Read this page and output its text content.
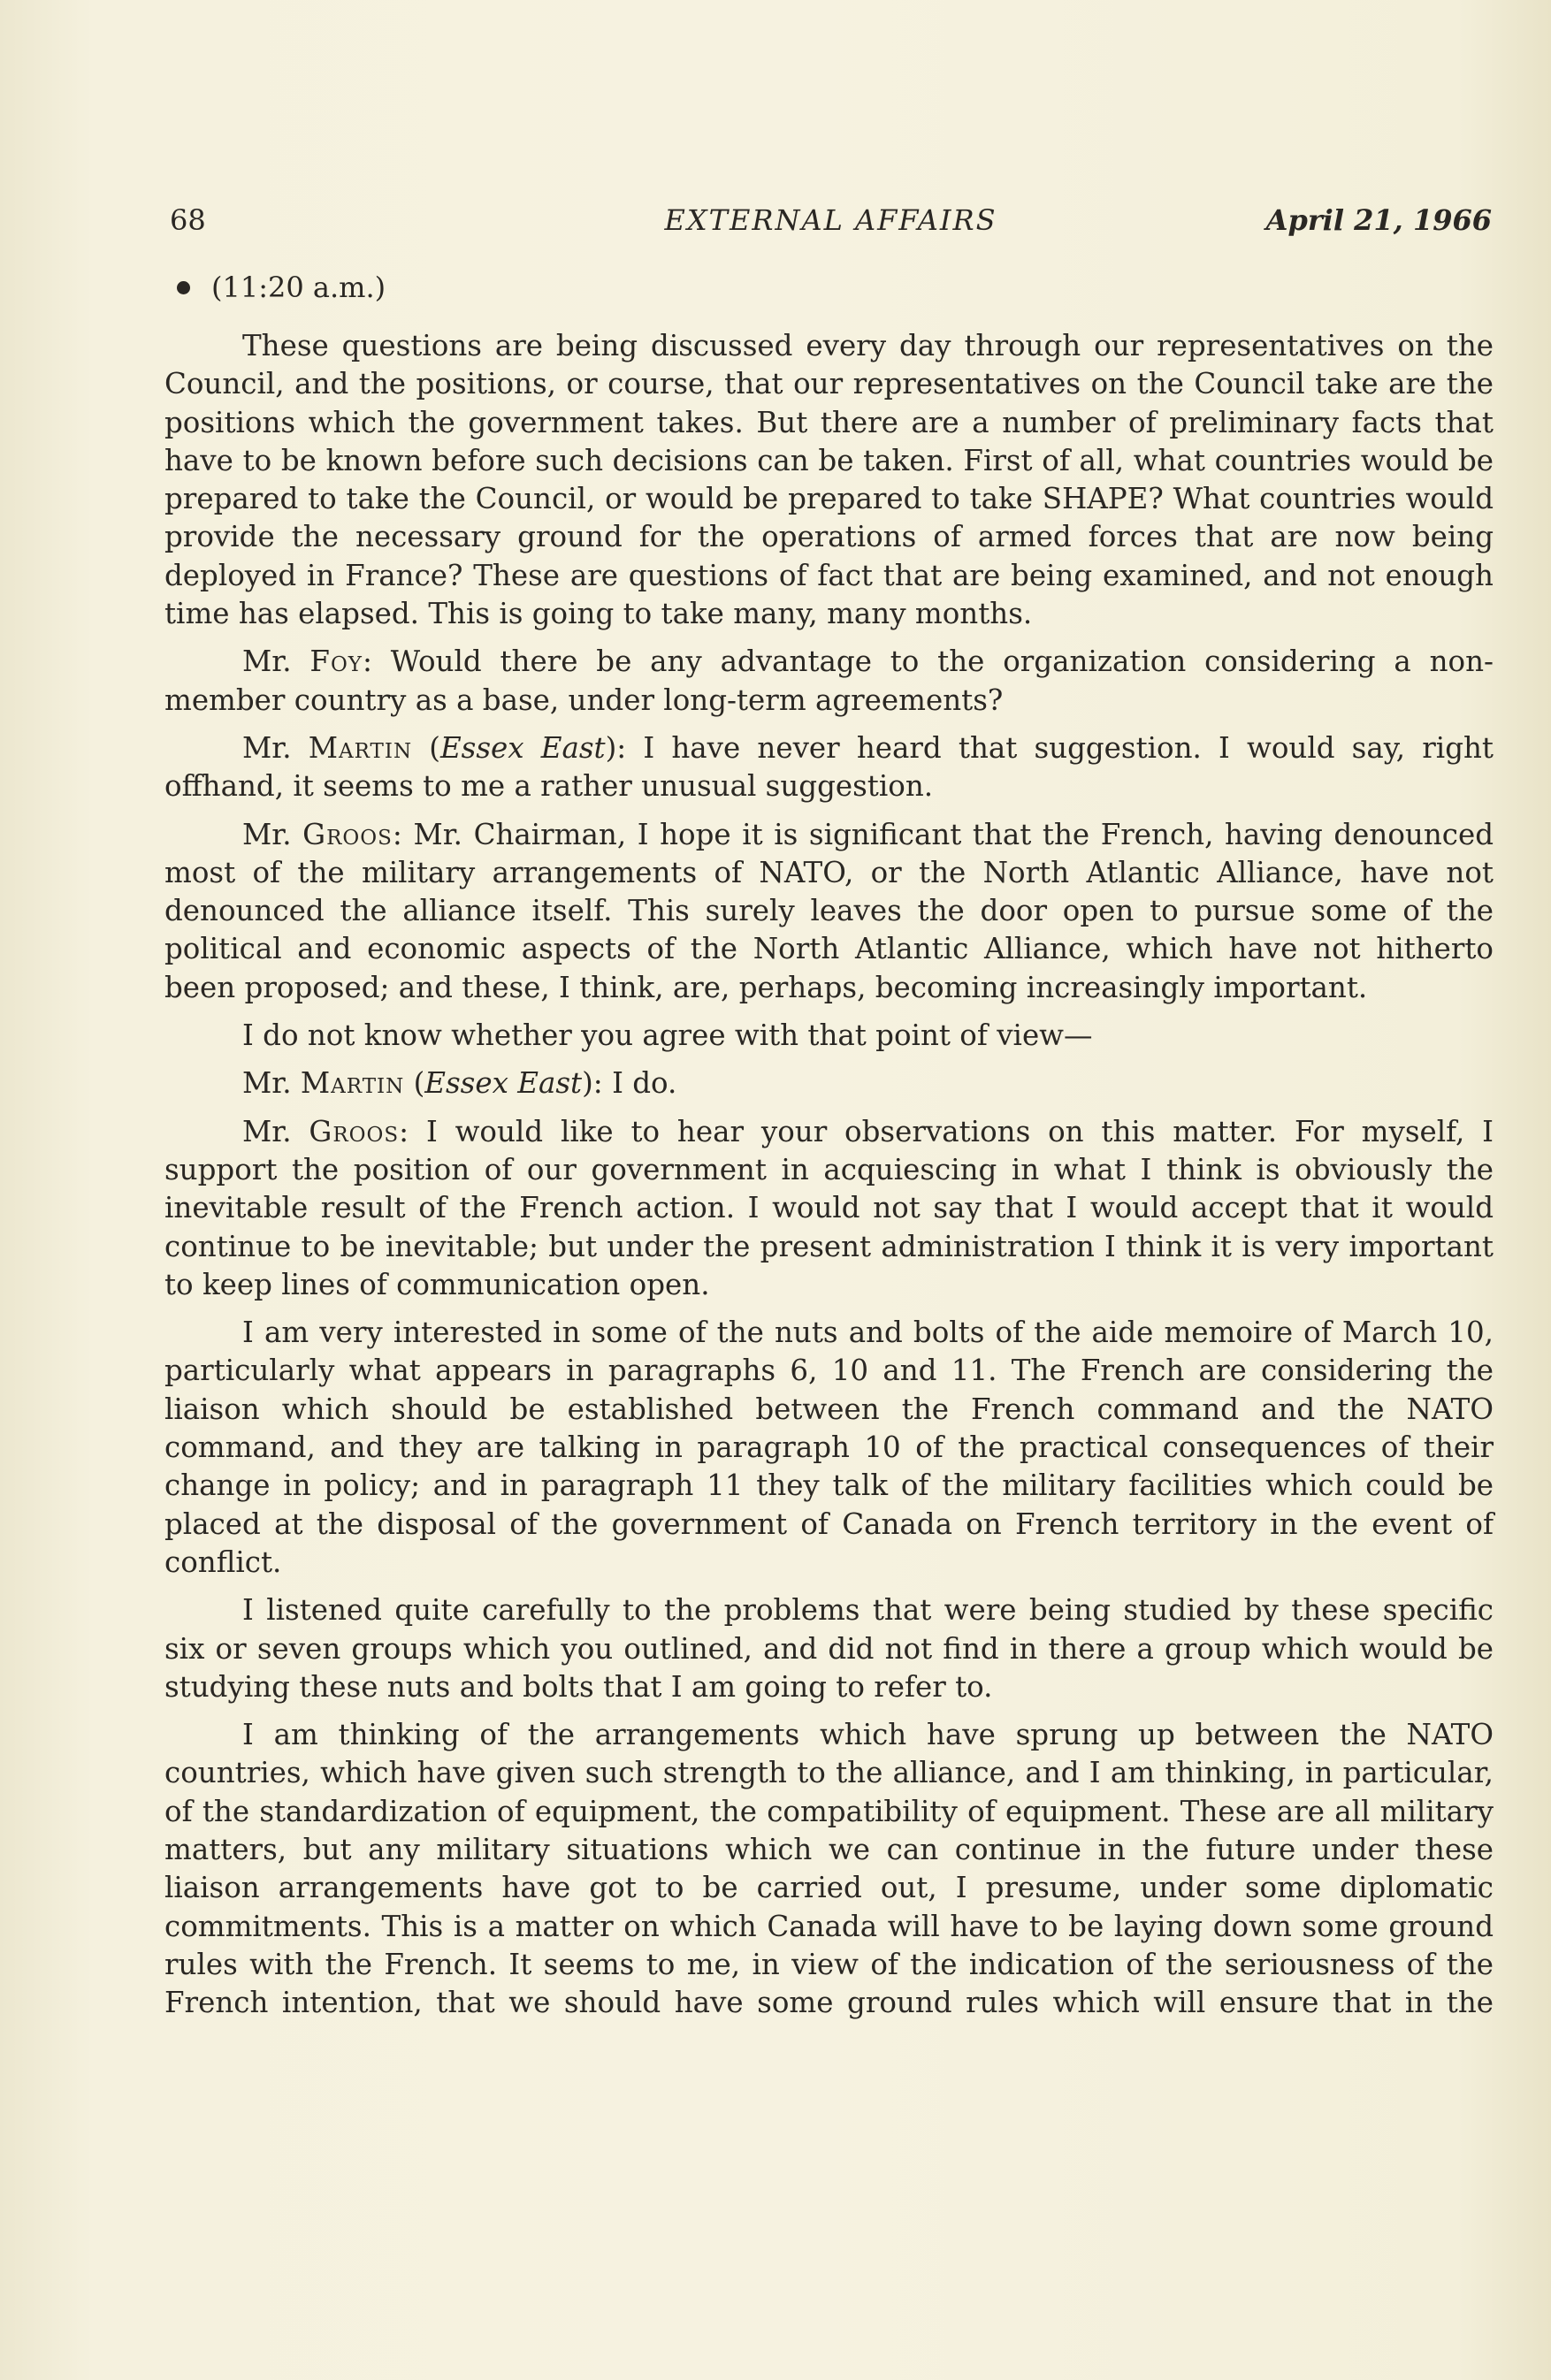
68	EXTERNAL AFFAIRS	April 21, 1966
(11:20 a.m.)

These questions are being discussed every day through our representatives on the Council, and the positions, or course, that our representatives on the Council take are the positions which the government takes. But there are a number of preliminary facts that have to be known before such decisions can be taken. First of all, what countries would be prepared to take the Council, or would be prepared to take SHAPE? What countries would provide the necessary ground for the operations of armed forces that are now being deployed in France? These are questions of fact that are being examined, and not enough time has elapsed. This is going to take many, many months.

Mr. Foy: Would there be any advantage to the organization considering a non-member country as a base, under long-term agreements?

Mr. Martin (Essex East): I have never heard that suggestion. I would say, right offhand, it seems to me a rather unusual suggestion.

Mr. Groos: Mr. Chairman, I hope it is significant that the French, having denounced most of the military arrangements of NATO, or the North Atlantic Alliance, have not denounced the alliance itself. This surely leaves the door open to pursue some of the political and economic aspects of the North Atlantic Alliance, which have not hitherto been proposed; and these, I think, are, perhaps, becoming increasingly important.

I do not know whether you agree with that point of view—

Mr. Martin (Essex East): I do.

Mr. Groos: I would like to hear your observations on this matter. For myself, I support the position of our government in acquiescing in what I think is obviously the inevitable result of the French action. I would not say that I would accept that it would continue to be inevitable; but under the present administration I think it is very important to keep lines of communication open.

I am very interested in some of the nuts and bolts of the aide memoire of March 10, particularly what appears in paragraphs 6, 10 and 11. The French are considering the liaison which should be established between the French command and the NATO command, and they are talking in paragraph 10 of the practical consequences of their change in policy; and in paragraph 11 they talk of the military facilities which could be placed at the disposal of the government of Canada on French territory in the event of conflict.

I listened quite carefully to the problems that were being studied by these specific six or seven groups which you outlined, and did not find in there a group which would be studying these nuts and bolts that I am going to refer to.

I am thinking of the arrangements which have sprung up between the NATO countries, which have given such strength to the alliance, and I am thinking, in particular, of the standardization of equipment, the compatibility of equipment. These are all military matters, but any military situations which we can continue in the future under these liaison arrangements have got to be carried out, I presume, under some diplomatic commitments. This is a matter on which Canada will have to be laying down some ground rules with the French. It seems to me, in view of the indication of the seriousness of the French intention, that we should have some ground rules which will ensure that in the
